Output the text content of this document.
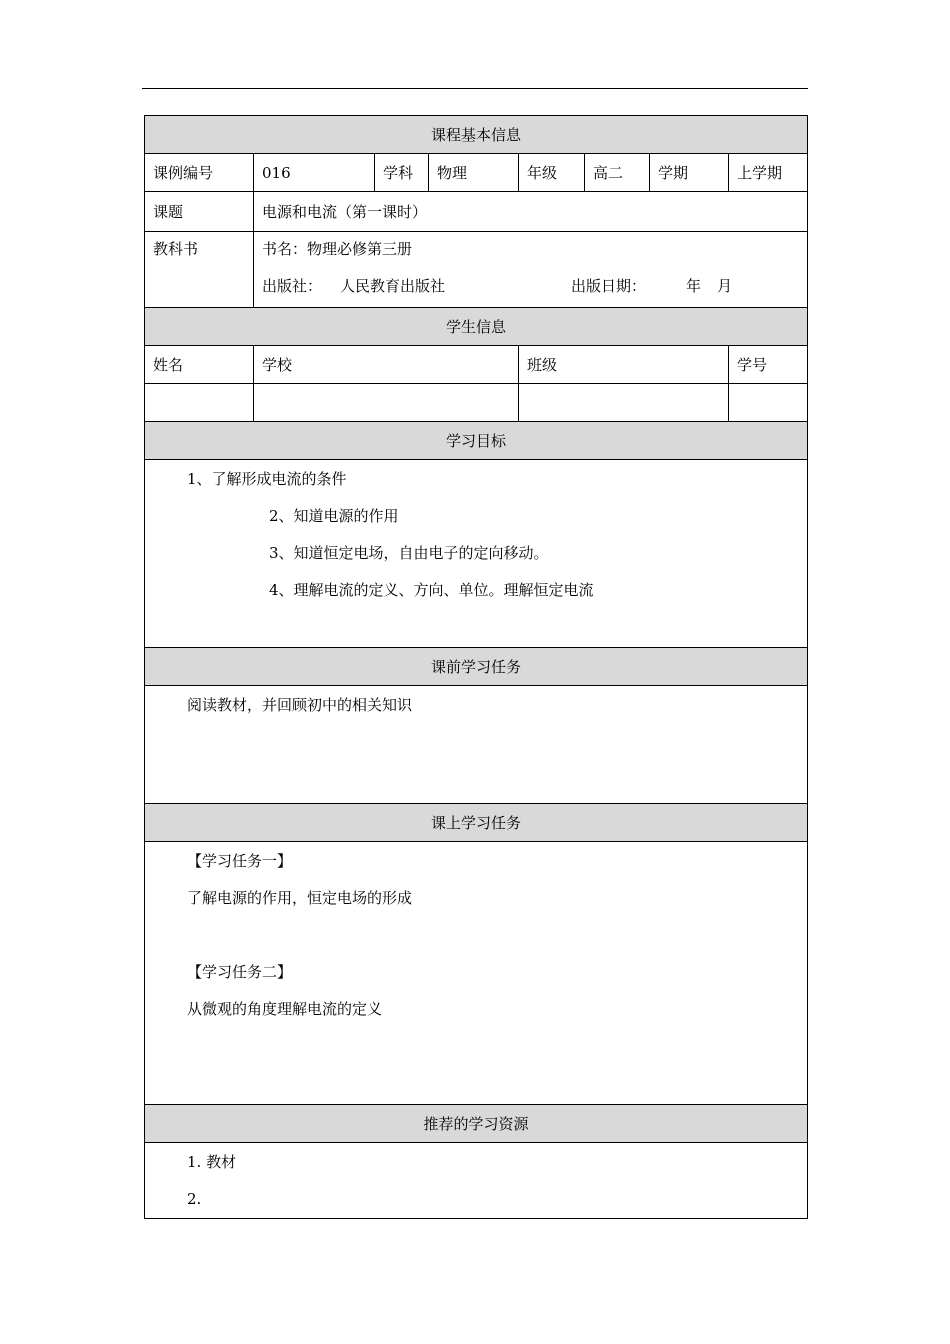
课程基本信息							
课例编号	016	学科	物理	年级	高二	学期	上学期
课题	电源和电流（第一课时）						
教科书	书名：物理必修第三册
出版社： 人民教育出版社 出版日期： 年 月						

学生信息							
姓名	学校			班级			学号

学习目标							

1、了解形成电流的条件
2、知道电源的作用
3、知道恒定电场，自由电子的定向移动。
4、理解电流的定义、方向、单位。理解恒定电流							

课前学习任务							

阅读教材，并回顾初中的相关知识							

课上学习任务							

【学习任务一】
了解电源的作用，恒定电场的形成
【学习任务二】
从微观的角度理解电流的定义							

推荐的学习资源							

1. 教材
2.							
